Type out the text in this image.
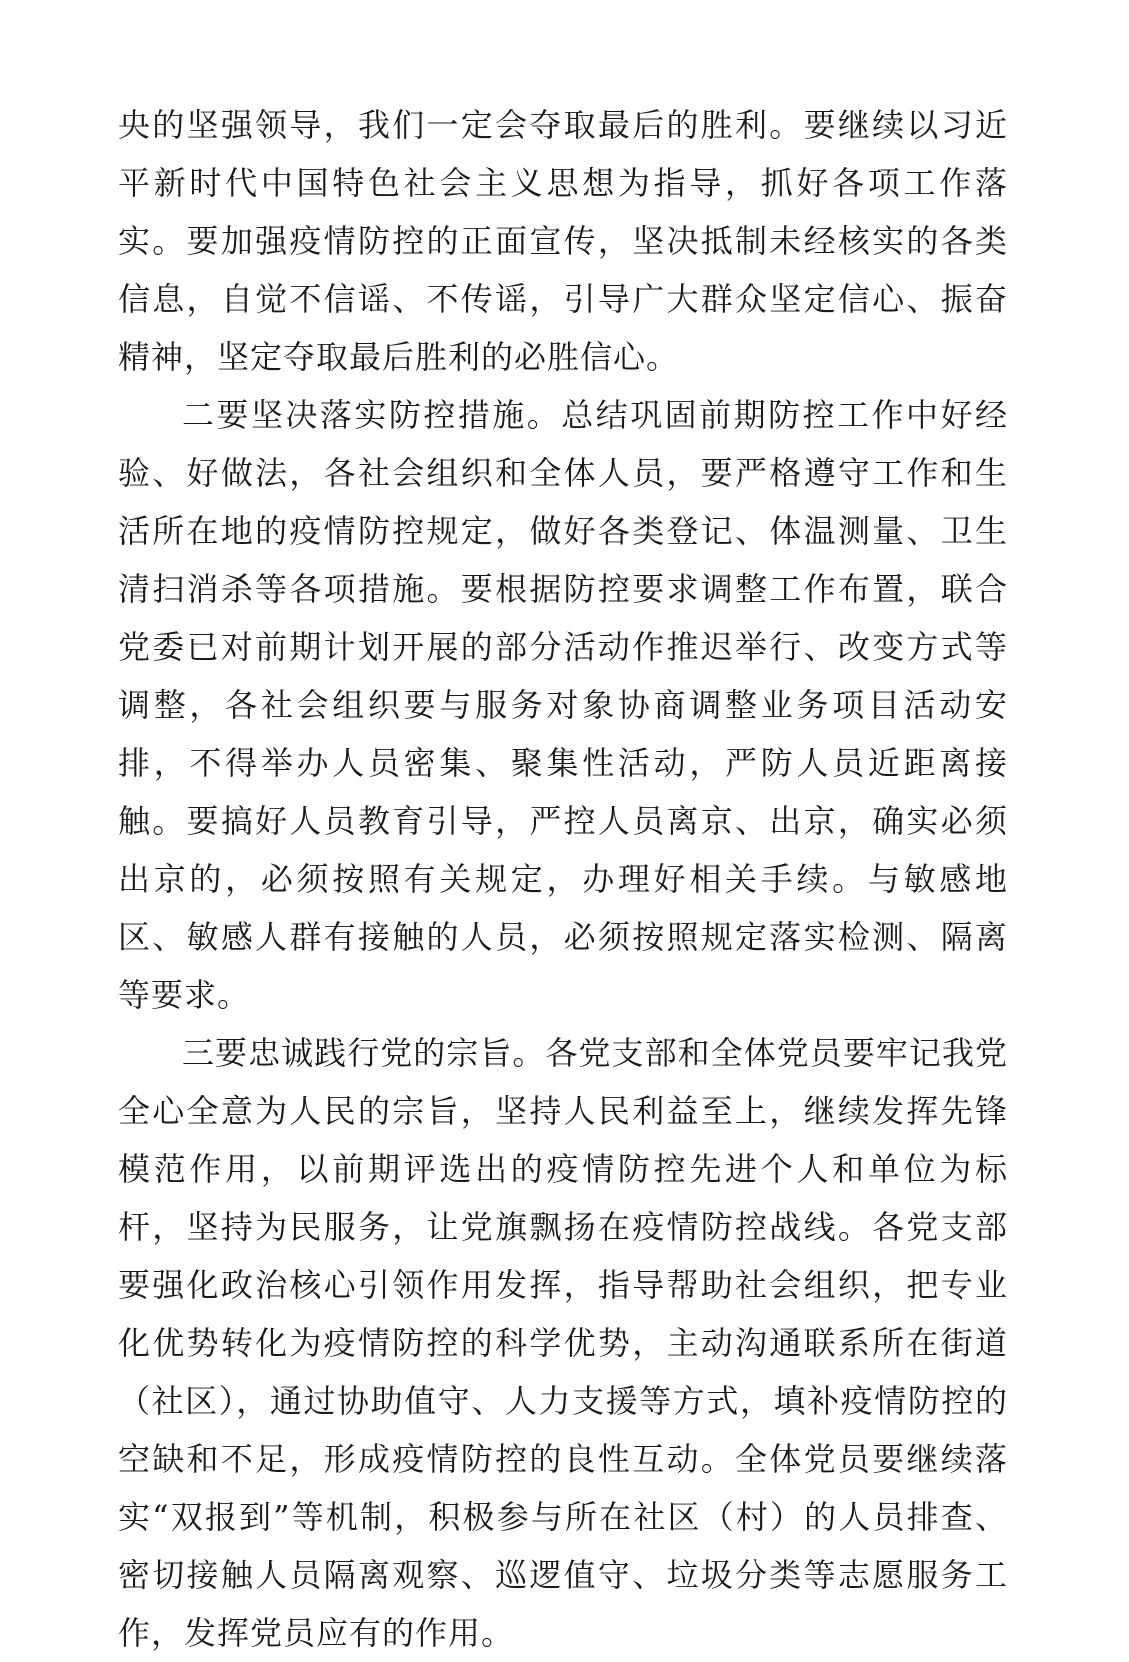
央的坚强领导，我们一定会夺取最后的胜利。要继续以习近平新时代中国特色社会主义思想为指导，抓好各项工作落实。要加强疫情防控的正面宣传，坚决抵制未经核实的各类信息，自觉不信谣、不传谣，引导广大群众坚定信心、振奋精神，坚定夺取最后胜利的必胜信心。

二要坚决落实防控措施。总结巩固前期防控工作中好经验、好做法，各社会组织和全体人员，要严格遵守工作和生活所在地的疫情防控规定，做好各类登记、体温测量、卫生清扫消杀等各项措施。要根据防控要求调整工作布置，联合党委已对前期计划开展的部分活动作推迟举行、改变方式等调整，各社会组织要与服务对象协商调整业务项目活动安排，不得举办人员密集、聚集性活动，严防人员近距离接触。要搞好人员教育引导，严控人员离京、出京，确实必须出京的，必须按照有关规定，办理好相关手续。与敏感地区、敏感人群有接触的人员，必须按照规定落实检测、隔离等要求。

三要忠诚践行党的宗旨。各党支部和全体党员要牢记我党全心全意为人民的宗旨，坚持人民利益至上，继续发挥先锋模范作用，以前期评选出的疫情防控先进个人和单位为标杆，坚持为民服务，让党旗飘扬在疫情防控战线。各党支部要强化政治核心引领作用发挥，指导帮助社会组织，把专业化优势转化为疫情防控的科学优势，主动沟通联系所在街道（社区），通过协助值守、人力支援等方式，填补疫情防控的空缺和不足，形成疫情防控的良性互动。全体党员要继续落实“双报到”等机制，积极参与所在社区（村）的人员排查、密切接触人员隔离观察、巡逻值守、垃圾分类等志愿服务工作，发挥党员应有的作用。
